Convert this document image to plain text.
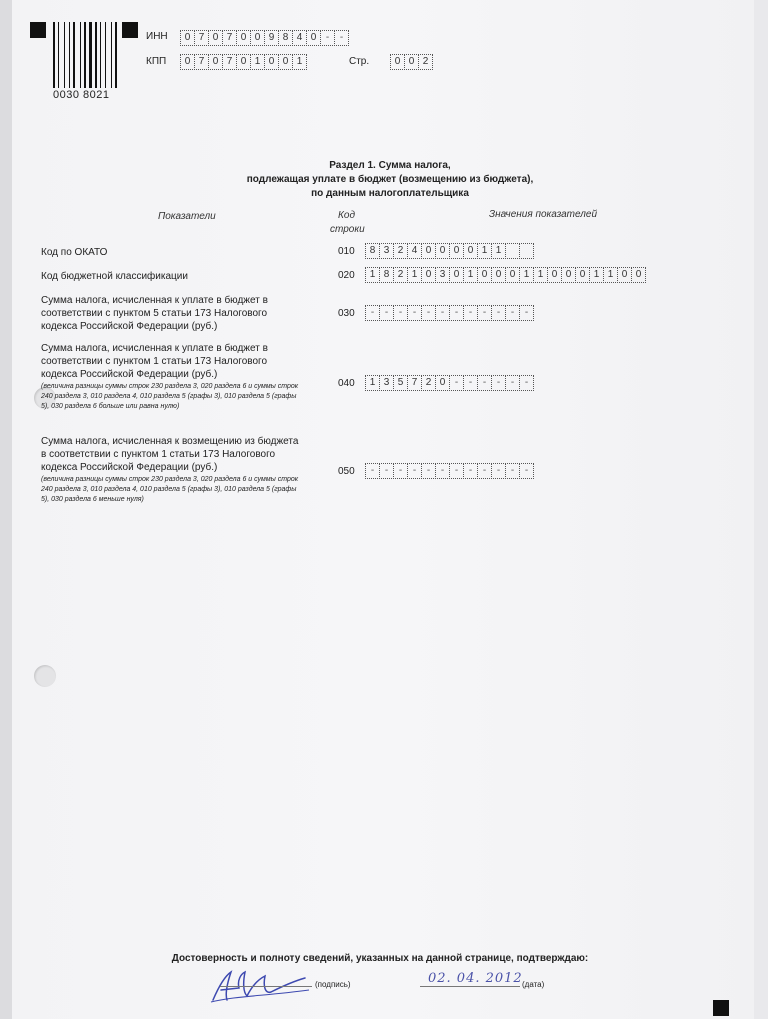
0030 8021
ИНН	0 7 0 7 0 0 9 8 4 0 -	-
КПП	0 7 0 7 0 1 0 0 1	Стр.	0 0 2
Раздел 1. Сумма налога,
подлежащая уплате в бюджет (возмещению из бюджета),
по данным налогоплательщика
Показатели	Код
строки
Значения показателей
Код по ОКАТО	010	8 3 2 4 0 0 0 0 1 1
Код бюджетной классификации	020	1 8 2 1 0 3 0 1 0 0 0 1 1 0 0 0 1 1 0 0
Сумма налога, исчисленная к уплате в бюджет в соответствии с пунктом 5 статьи 173 Налогового кодекса Российской Федерации (руб.)
030	-	-	-	-	-	-	-	-	-	-	-	-
Сумма налога, исчисленная к уплате в бюджет в соответствии с пунктом 1 статьи 173 Налогового кодекса Российской Федерации (руб.)
(величина разницы суммы строк 230 раздела 3, 020 раздела 6 и суммы строк 240 раздела 3, 010 раздела 4, 010 раздела 5 (графы 3), 010 раздела 5 (графы 5), 030 раздела 6 больше или равна нулю)
040	1 3 5 7 2 0 -	-	-	-	-	-
Сумма налога, исчисленная к возмещению из бюджета в соответствии с пунктом 1 статьи 173 Налогового кодекса Российской Федерации (руб.)
(величина разницы суммы строк 230 раздела 3, 020 раздела 6 и суммы строк 240 раздела 3, 010 раздела 4, 010 раздела 5 (графы 3), 010 раздела 5 (графы 5), 030 раздела 6 меньше нуля)
050	-	-	-	-	-	-	-	-	-	-	-	-
Достоверность и полноту сведений, указанных на данной странице, подтверждаю:
(подпись)	02. 04. 2012 (дата)
